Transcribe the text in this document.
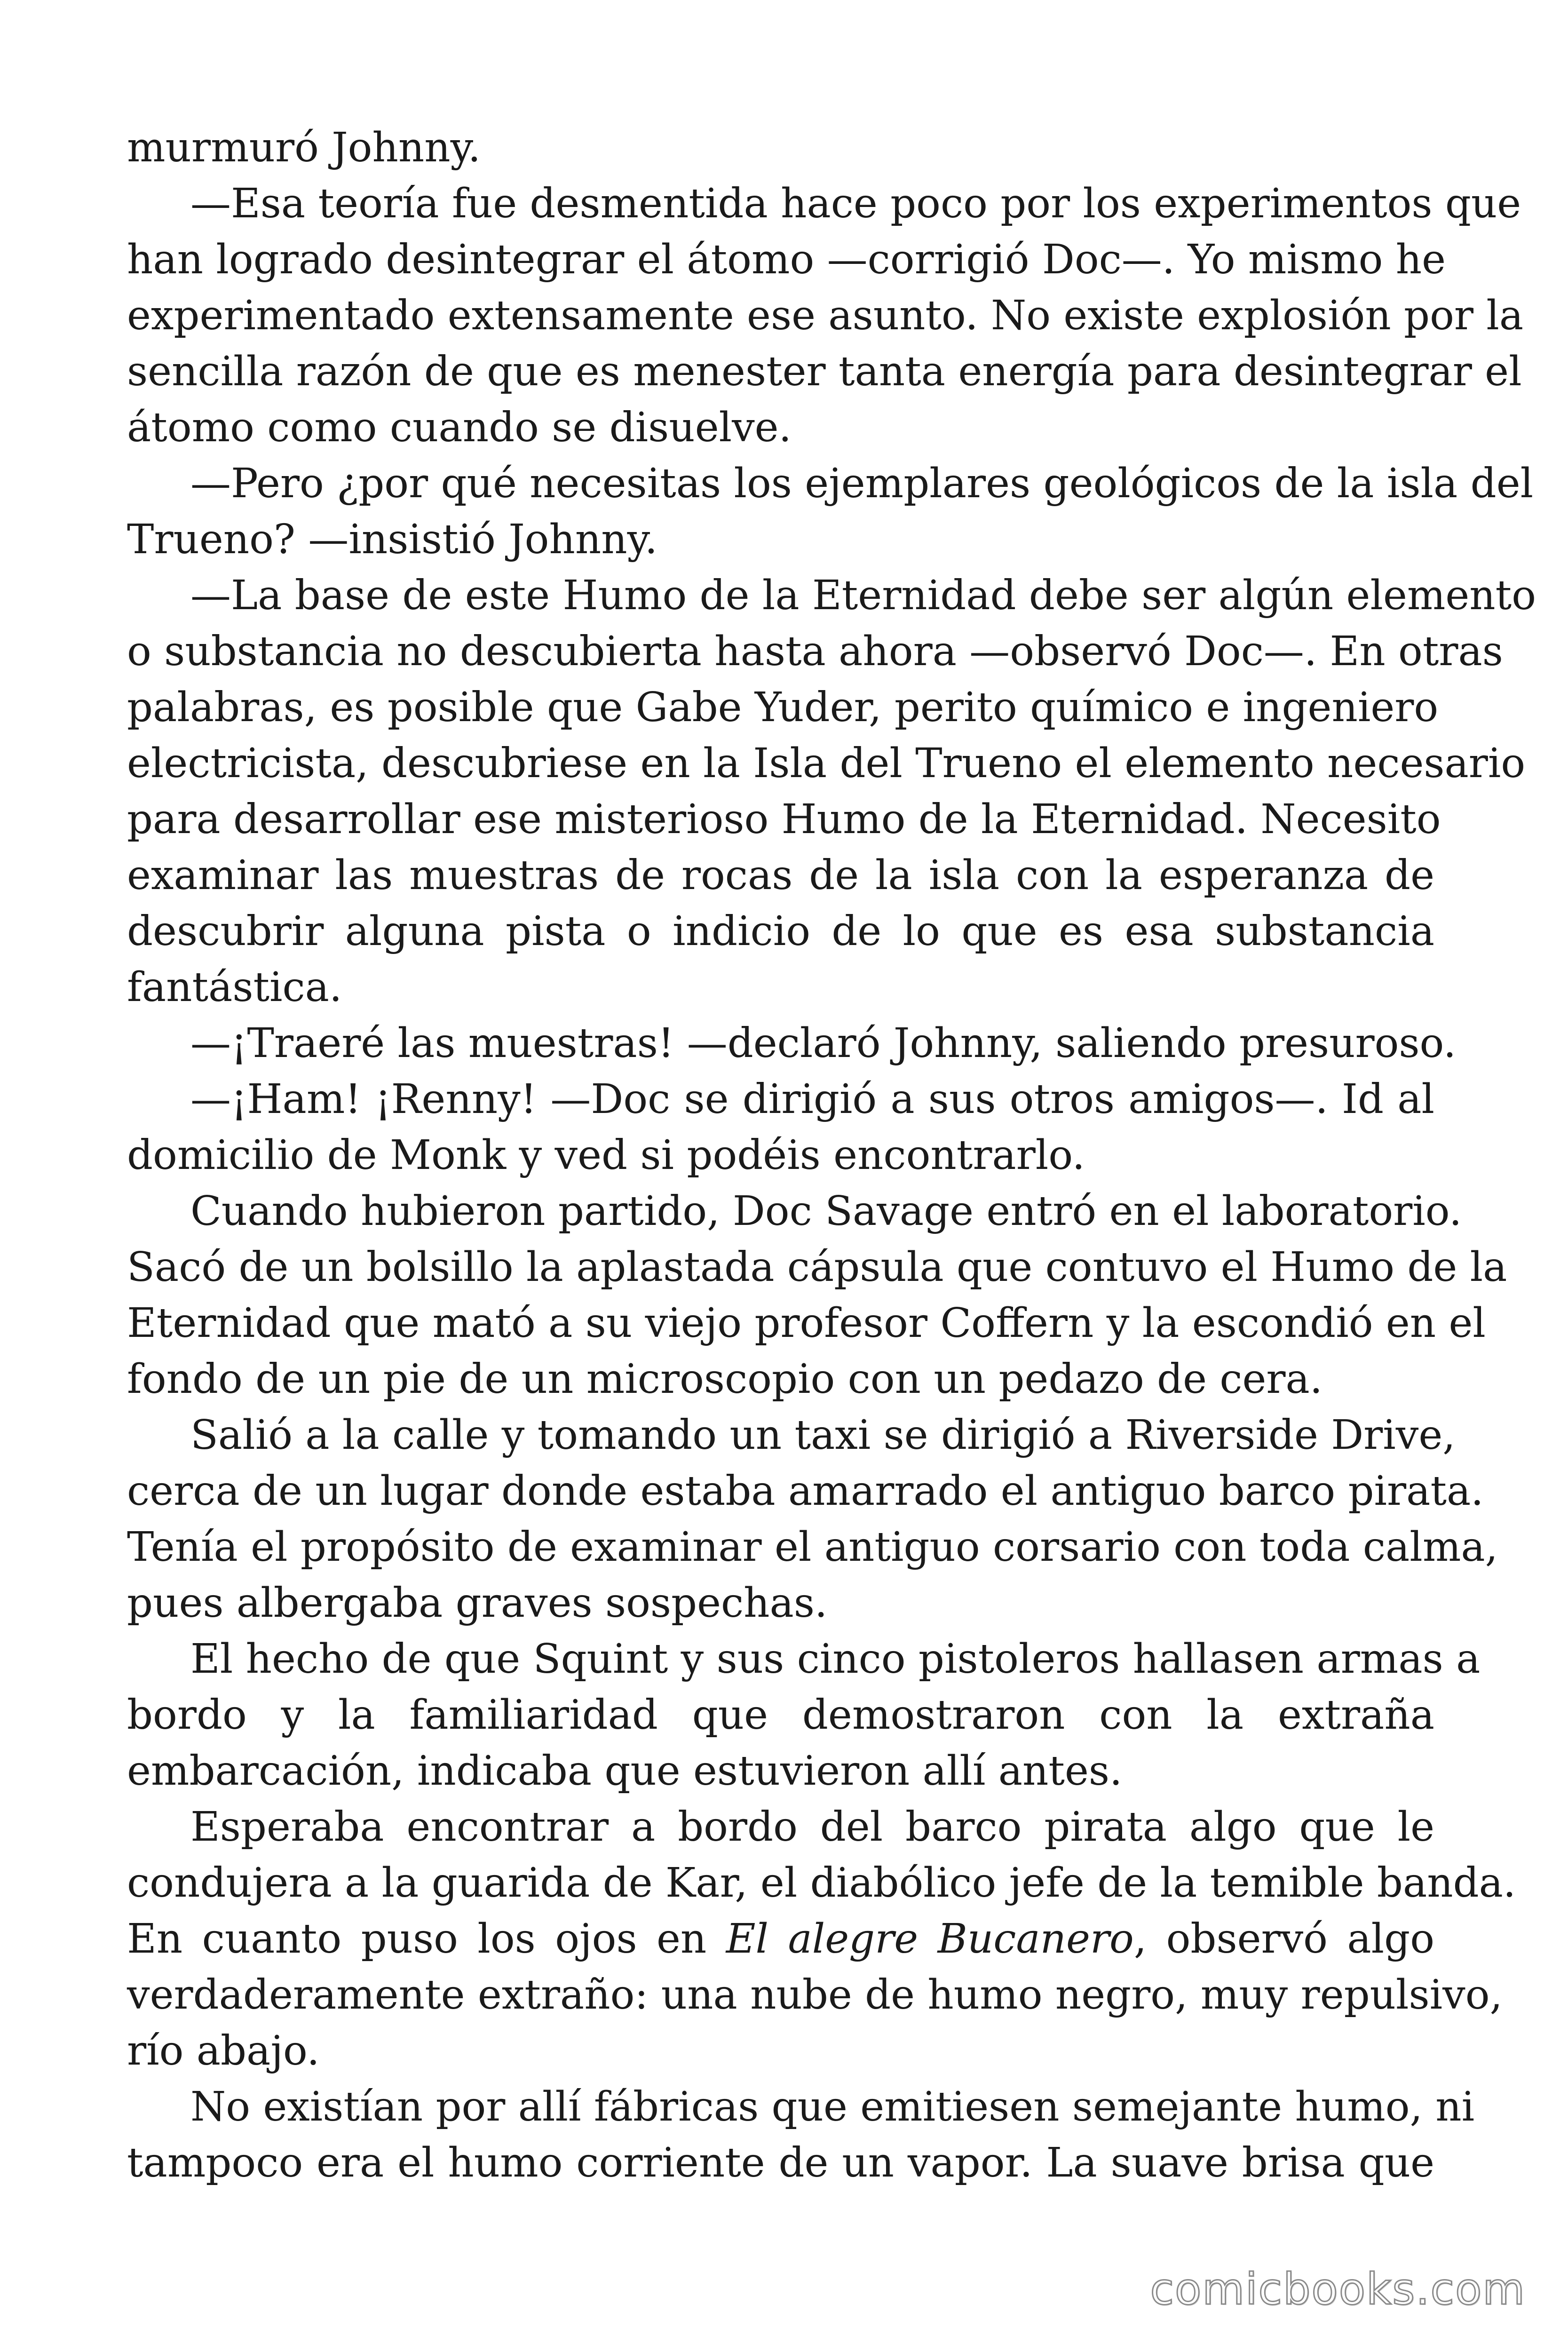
murmuró Johnny.
—Esa teoría fue desmentida hace poco por los experimentos que
han logrado desintegrar el átomo —corrigió Doc—. Yo mismo he
experimentado extensamente ese asunto. No existe explosión por la
sencilla razón de que es menester tanta energía para desintegrar el
átomo como cuando se disuelve.
—Pero ¿por qué necesitas los ejemplares geológicos de la isla del
Trueno? —insistió Johnny.
—La base de este Humo de la Eternidad debe ser algún elemento
o substancia no descubierta hasta ahora —observó Doc—. En otras
palabras, es posible que Gabe Yuder, perito químico e ingeniero
electricista, descubriese en la Isla del Trueno el elemento necesario
para desarrollar ese misterioso Humo de la Eternidad. Necesito
examinar las muestras de rocas de la isla con la esperanza de
descubrir alguna pista o indicio de lo que es esa substancia
fantástica.
—¡Traeré las muestras! —declaró Johnny, saliendo presuroso.
—¡Ham! ¡Renny! —Doc se dirigió a sus otros amigos—. Id al
domicilio de Monk y ved si podéis encontrarlo.
Cuando hubieron partido, Doc Savage entró en el laboratorio.
Sacó de un bolsillo la aplastada cápsula que contuvo el Humo de la
Eternidad que mató a su viejo profesor Coffern y la escondió en el
fondo de un pie de un microscopio con un pedazo de cera.
Salió a la calle y tomando un taxi se dirigió a Riverside Drive,
cerca de un lugar donde estaba amarrado el antiguo barco pirata.
Tenía el propósito de examinar el antiguo corsario con toda calma,
pues albergaba graves sospechas.
El hecho de que Squint y sus cinco pistoleros hallasen armas a
bordo y la familiaridad que demostraron con la extraña
embarcación, indicaba que estuvieron allí antes.
Esperaba encontrar a bordo del barco pirata algo que le
condujera a la guarida de Kar, el diabólico jefe de la temible banda.
En cuanto puso los ojos en El alegre Bucanero, observó algo
verdaderamente extraño: una nube de humo negro, muy repulsivo,
río abajo.
No existían por allí fábricas que emitiesen semejante humo, ni
tampoco era el humo corriente de un vapor. La suave brisa que
comicbooks.com
